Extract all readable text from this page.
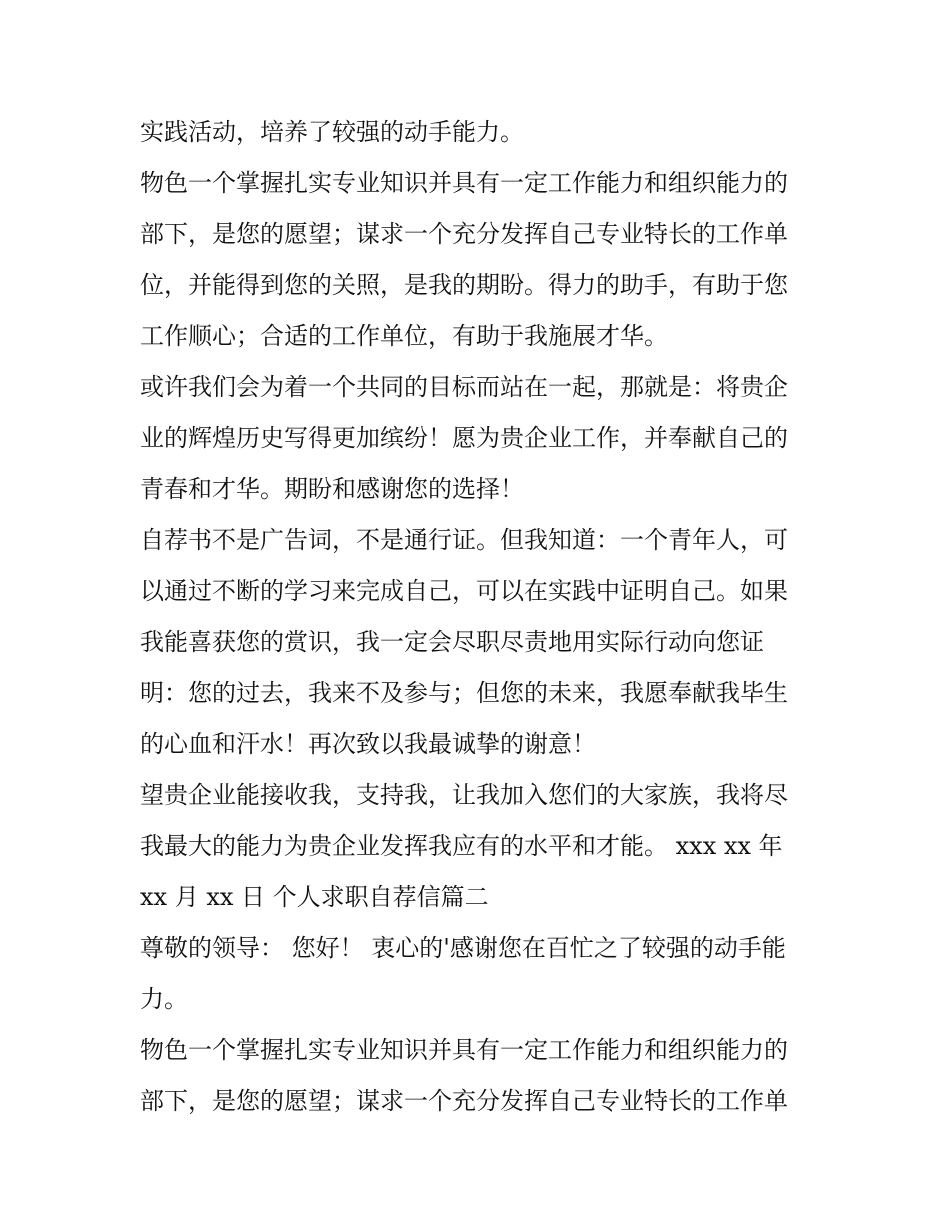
实践活动，培养了较强的动手能力。
物色一个掌握扎实专业知识并具有一定工作能力和组织能力的
部下，是您的愿望；谋求一个充分发挥自己专业特长的工作单
位，并能得到您的关照，是我的期盼。得力的助手，有助于您
工作顺心；合适的工作单位，有助于我施展才华。
或许我们会为着一个共同的目标而站在一起，那就是：将贵企
业的辉煌历史写得更加缤纷！愿为贵企业工作，并奉献自己的
青春和才华。期盼和感谢您的选择！
自荐书不是广告词，不是通行证。但我知道：一个青年人，可
以通过不断的学习来完成自己，可以在实践中证明自己。如果
我能喜获您的赏识，我一定会尽职尽责地用实际行动向您证
明：您的过去，我来不及参与；但您的未来，我愿奉献我毕生
的心血和汗水！再次致以我最诚挚的谢意！
望贵企业能接收我，支持我，让我加入您们的大家族，我将尽
我最大的能力为贵企业发挥我应有的水平和才能。 xxx xx 年
xx 月 xx 日 个人求职自荐信篇二
尊敬的领导： 您好！ 衷心的'感谢您在百忙之了较强的动手能
力。
物色一个掌握扎实专业知识并具有一定工作能力和组织能力的
部下，是您的愿望；谋求一个充分发挥自己专业特长的工作单
